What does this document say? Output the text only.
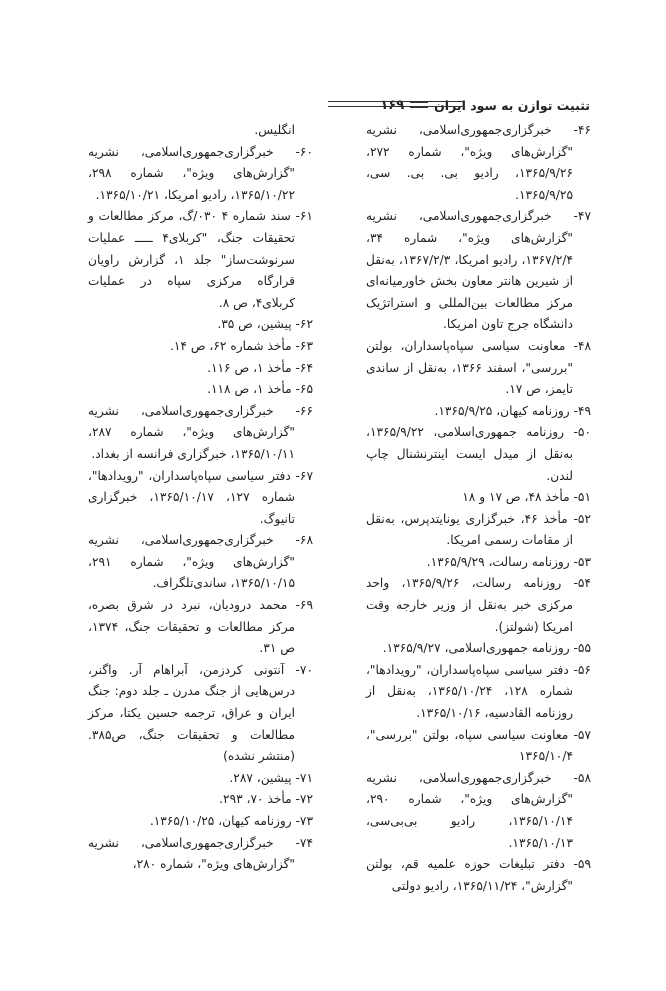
تثبیت توازن به سود ایران
۱۶۹
۴۶- خبرگزاری‌جمهوری‌اسلامی، نشریه "گزارش‌های ویژه"، شماره ۲۷۲، ۱۳۶۵/۹/۲۶، رادیو بی. بی. سی، ۱۳۶۵/۹/۲۵.
۴۷- خبرگزاری‌جمهوری‌اسلامی، نشریه "گزارش‌های ویژه"، شماره ۳۴، ۱۳۶۷/۲/۴، رادیو امریکا، ۱۳۶۷/۲/۳، به‌نقل از شیرین هانتر معاون بخش خاورمیانه‌ای مرکز مطالعات بین‌المللی و استراتژیک دانشگاه جرج تاون امریکا.
۴۸- معاونت سیاسی سپاه‌پاسداران، بولتن "بررسی"، اسفند ۱۳۶۶، به‌نقل از ساندی تایمز، ص ۱۷.
۴۹- روزنامه کیهان، ۱۳۶۵/۹/۲۵.
۵۰- روزنامه جمهوری‌اسلامی، ۱۳۶۵/۹/۲۲، به‌نقل از میدل ایست اینترنشنال چاپ لندن.
۵۱- مأخذ ۴۸، ص ۱۷ و ۱۸
۵۲- مأخذ ۴۶، خبرگزاری یونایتدپرس، به‌نقل از مقامات رسمی امریکا.
۵۳- روزنامه رسالت، ۱۳۶۵/۹/۲۹.
۵۴- روزنامه رسالت، ۱۳۶۵/۹/۲۶، واحد مرکزی خبر به‌نقل از وزیر خارجه وقت امریکا (شولتز).
۵۵- روزنامه جمهوری‌اسلامی، ۱۳۶۵/۹/۲۷.
۵۶- دفتر سیاسی سپاه‌پاسداران، "رویدادها"، شماره ۱۲۸، ۱۳۶۵/۱۰/۲۴، به‌نقل از روزنامه القادسیه، ۱۳۶۵/۱۰/۱۶.
۵۷- معاونت سیاسی سپاه، بولتن "بررسی"، ۱۳۶۵/۱۰/۴
۵۸- خبرگزاری‌جمهوری‌اسلامی، نشریه "گزارش‌های ویژه"، شماره ۲۹۰، ۱۳۶۵/۱۰/۱۴، رادیو بی‌بی‌سی، ۱۳۶۵/۱۰/۱۳.
۵۹- دفتر تبلیغات حوزه علمیه قم، بولتن "گزارش"، ۱۳۶۵/۱۱/۲۴، رادیو دولتی
انگلیس.
۶۰- خبرگزاری‌جمهوری‌اسلامی، نشریه "گزارش‌های ویژه"، شماره ۲۹۸، ۱۳۶۵/۱۰/۲۲، رادیو امریکا، ۱۳۶۵/۱۰/۲۱.
۶۱- سند شماره ۴ ۰۳۰/گ، مرکز مطالعات و تحقیقات جنگ، "کربلای۴ ـــــ عملیات سرنوشت‌ساز" جلد ۱، گزارش راویان قرارگاه مرکزی سپاه در عملیات کربلای۴، ص ۸.
۶۲- پیشین، ص ۳۵.
۶۳- مأخذ شماره ۶۲، ص ۱۴.
۶۴- مأخذ ۱، ص ۱۱۶.
۶۵- مأخذ ۱، ص ۱۱۸.
۶۶- خبرگزاری‌جمهوری‌اسلامی، نشریه "گزارش‌های ویژه"، شماره ۲۸۷، ۱۳۶۵/۱۰/۱۱، خبرگزاری فرانسه از بغداد.
۶۷- دفتر سیاسی سپاه‌پاسداران، "رویدادها"، شماره ۱۲۷، ۱۳۶۵/۱۰/۱۷، خبرگزاری تانیوگ.
۶۸- خبرگزاری‌جمهوری‌اسلامی، نشریه "گزارش‌های ویژه"، شماره ۲۹۱، ۱۳۶۵/۱۰/۱۵، ساندی‌تلگراف.
۶۹- محمد درودیان، نبرد در شرق بصره، مرکز مطالعات و تحقیقات جنگ، ۱۳۷۴، ص ۳۱.
۷۰- آنتونی کردزمن، آبراهام آر. واگنر، درس‌هایی از جنگ مدرن ـ جلد دوم: جنگ ایران و عراق، ترجمه حسین یکتا، مرکز مطالعات و تحقیقات جنگ، ص۳۸۵. (منتشر نشده)
۷۱- پیشین، ۲۸۷.
۷۲- مأخذ ۷۰، ۲۹۳.
۷۳- روزنامه کیهان، ۱۳۶۵/۱۰/۲۵.
۷۴- خبرگزاری‌جمهوری‌اسلامی، نشریه "گزارش‌های ویژه"، شماره ۲۸۰،
